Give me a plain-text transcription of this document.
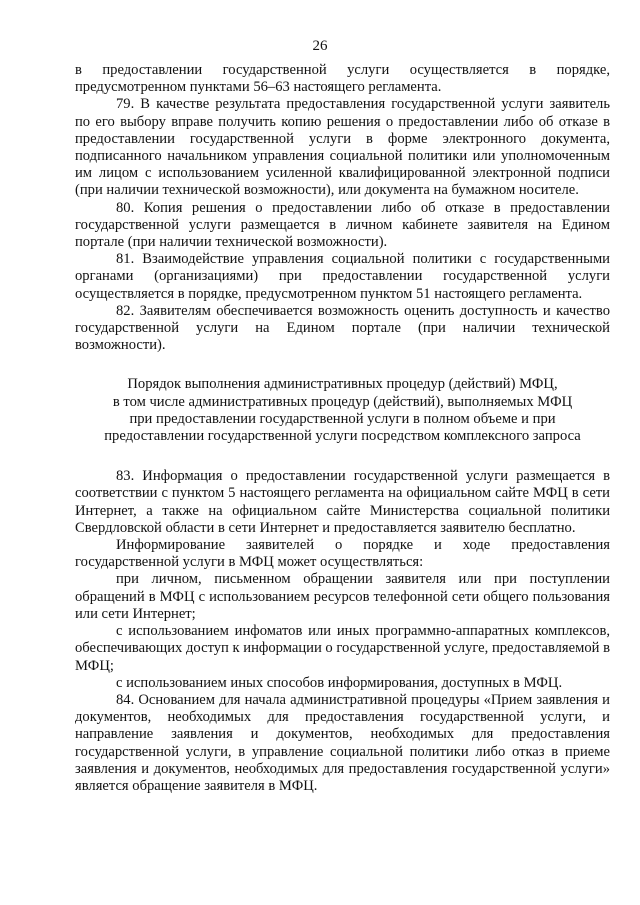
26

в предоставлении государственной услуги осуществляется в порядке, предусмотренном пунктами 56–63 настоящего регламента.

79. В качестве результата предоставления государственной услуги заявитель по его выбору вправе получить копию решения о предоставлении либо об отказе в предоставлении государственной услуги в форме электронного документа, подписанного начальником управления социальной политики или уполномоченным им лицом с использованием усиленной квалифицированной электронной подписи (при наличии технической возможности), или документа на бумажном носителе.

80. Копия решения о предоставлении либо об отказе в предоставлении государственной услуги размещается в личном кабинете заявителя на Едином портале (при наличии технической возможности).

81. Взаимодействие управления социальной политики с государственными органами (организациями) при предоставлении государственной услуги осуществляется в порядке, предусмотренном пунктом 51 настоящего регламента.

82. Заявителям обеспечивается возможность оценить доступность и качество государственной услуги на Едином портале (при наличии технической возможности).

Порядок выполнения административных процедур (действий) МФЦ,
в том числе административных процедур (действий), выполняемых МФЦ
при предоставлении государственной услуги в полном объеме и при
предоставлении государственной услуги посредством комплексного запроса

83. Информация о предоставлении государственной услуги размещается в соответствии с пунктом 5 настоящего регламента на официальном сайте МФЦ в сети Интернет, а также на официальном сайте Министерства социальной политики Свердловской области в сети Интернет и предоставляется заявителю бесплатно.

Информирование заявителей о порядке и ходе предоставления государственной услуги в МФЦ может осуществляться:

при личном, письменном обращении заявителя или при поступлении обращений в МФЦ с использованием ресурсов телефонной сети общего пользования или сети Интернет;

с использованием инфоматов или иных программно-аппаратных комплексов, обеспечивающих доступ к информации о государственной услуге, предоставляемой в МФЦ;

с использованием иных способов информирования, доступных в МФЦ.

84. Основанием для начала административной процедуры «Прием заявления и документов, необходимых для предоставления государственной услуги, и направление заявления и документов, необходимых для предоставления государственной услуги, в управление социальной политики либо отказ в приеме заявления и документов, необходимых для предоставления государственной услуги» является обращение заявителя в МФЦ.
